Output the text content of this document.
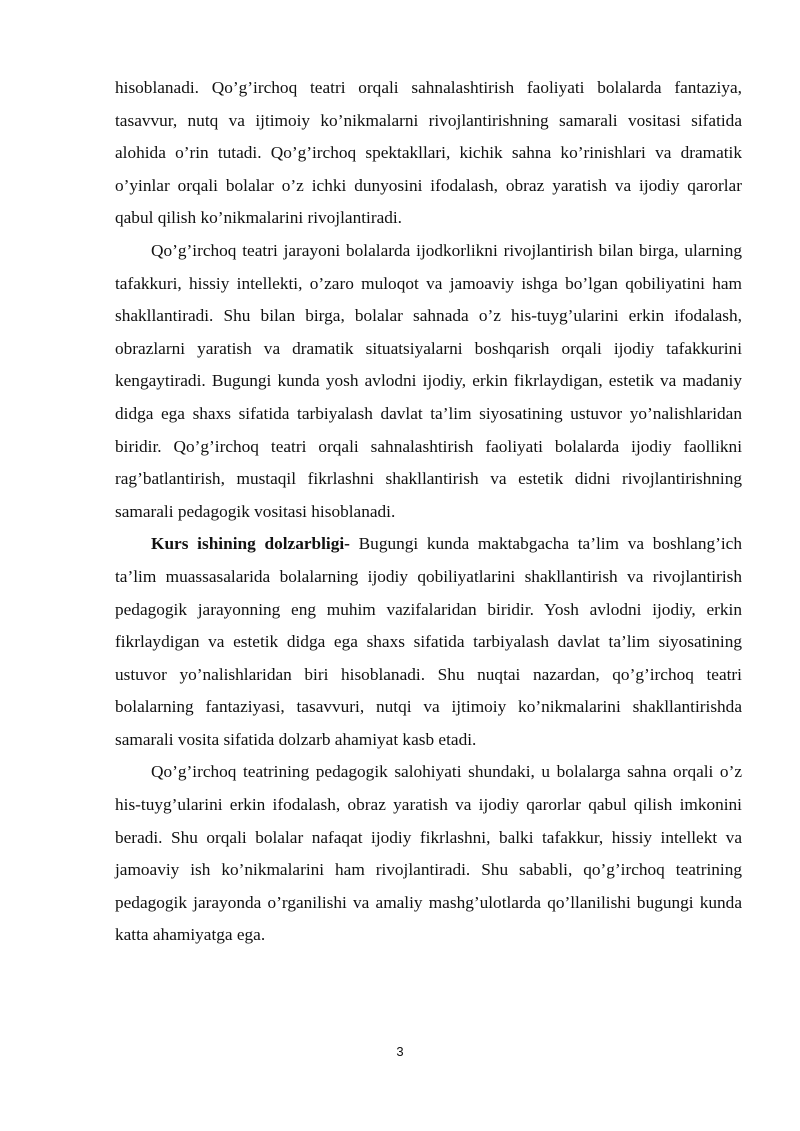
hisoblanadi. Qo’g’irchoq teatri orqali sahnalashtirish faoliyati bolalarda fantaziya, tasavvur, nutq va ijtimoiy ko’nikmalarni rivojlantirishning samarali vositasi sifatida alohida o’rin tutadi. Qo’g’irchoq spektakllari, kichik sahna ko’rinishlari va dramatik o’yinlar orqali bolalar o’z ichki dunyosini ifodalash, obraz yaratish va ijodiy qarorlar qabul qilish ko’nikmalarini rivojlantiradi.

Qo’g’irchoq teatri jarayoni bolalarda ijodkorlikni rivojlantirish bilan birga, ularning tafakkuri, hissiy intellekti, o’zaro muloqot va jamoaviy ishga bo’lgan qobiliyatini ham shakllantiradi. Shu bilan birga, bolalar sahnada o’z his-tuyg’ularini erkin ifodalash, obrazlarni yaratish va dramatik situatsiyalarni boshqarish orqali ijodiy tafakkurini kengaytiradi. Bugungi kunda yosh avlodni ijodiy, erkin fikrlaydigan, estetik va madaniy didga ega shaxs sifatida tarbiyalash davlat ta’lim siyosatining ustuvor yo’nalishlaridan biridir. Qo’g’irchoq teatri orqali sahnalashtirish faoliyati bolalarda ijodiy faollikni rag’batlantirish, mustaqil fikrlashni shakllantirish va estetik didni rivojlantirishning samarali pedagogik vositasi hisoblanadi.

Kurs ishining dolzarbligi- Bugungi kunda maktabgacha ta’lim va boshlang’ich ta’lim muassasalarida bolalarning ijodiy qobiliyatlarini shakllantirish va rivojlantirish pedagogik jarayonning eng muhim vazifalaridan biridir. Yosh avlodni ijodiy, erkin fikrlaydigan va estetik didga ega shaxs sifatida tarbiyalash davlat ta’lim siyosatining ustuvor yo’nalishlaridan biri hisoblanadi. Shu nuqtai nazardan, qo’g’irchoq teatri bolalarning fantaziyasi, tasavvuri, nutqi va ijtimoiy ko’nikmalarini shakllantirishda samarali vosita sifatida dolzarb ahamiyat kasb etadi.

Qo’g’irchoq teatrining pedagogik salohiyati shundaki, u bolalarga sahna orqali o’z his-tuyg’ularini erkin ifodalash, obraz yaratish va ijodiy qarorlar qabul qilish imkonini beradi. Shu orqali bolalar nafaqat ijodiy fikrlashni, balki tafakkur, hissiy intellekt va jamoaviy ish ko’nikmalarini ham rivojlantiradi. Shu sababli, qo’g’irchoq teatrining pedagogik jarayonda o’rganilishi va amaliy mashg’ulotlarda qo’llanilishi bugungi kunda katta ahamiyatga ega.

3
